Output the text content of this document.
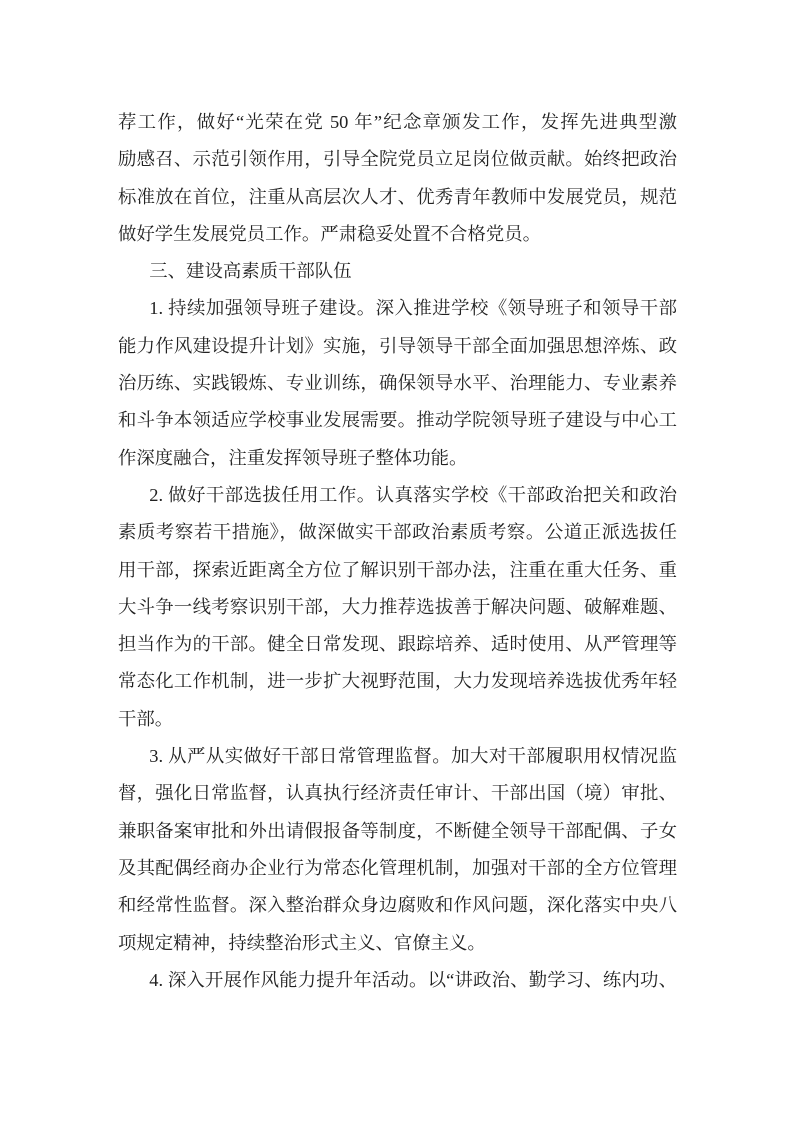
荐工作，做好“光荣在党 50 年”纪念章颁发工作，发挥先进典型激
励感召、示范引领作用，引导全院党员立足岗位做贡献。始终把政治
标准放在首位，注重从高层次人才、优秀青年教师中发展党员，规范
做好学生发展党员工作。严肃稳妥处置不合格党员。
三、建设高素质干部队伍
1. 持续加强领导班子建设。深入推进学校《领导班子和领导干部
能力作风建设提升计划》实施，引导领导干部全面加强思想淬炼、政
治历练、实践锻炼、专业训练，确保领导水平、治理能力、专业素养
和斗争本领适应学校事业发展需要。推动学院领导班子建设与中心工
作深度融合，注重发挥领导班子整体功能。
2. 做好干部选拔任用工作。认真落实学校《干部政治把关和政治
素质考察若干措施》，做深做实干部政治素质考察。公道正派选拔任
用干部，探索近距离全方位了解识别干部办法，注重在重大任务、重
大斗争一线考察识别干部，大力推荐选拔善于解决问题、破解难题、
担当作为的干部。健全日常发现、跟踪培养、适时使用、从严管理等
常态化工作机制，进一步扩大视野范围，大力发现培养选拔优秀年轻
干部。
3. 从严从实做好干部日常管理监督。加大对干部履职用权情况监
督，强化日常监督，认真执行经济责任审计、干部出国（境）审批、
兼职备案审批和外出请假报备等制度，不断健全领导干部配偶、子女
及其配偶经商办企业行为常态化管理机制，加强对干部的全方位管理
和经常性监督。深入整治群众身边腐败和作风问题，深化落实中央八
项规定精神，持续整治形式主义、官僚主义。
4. 深入开展作风能力提升年活动。以“讲政治、勤学习、练内功、
